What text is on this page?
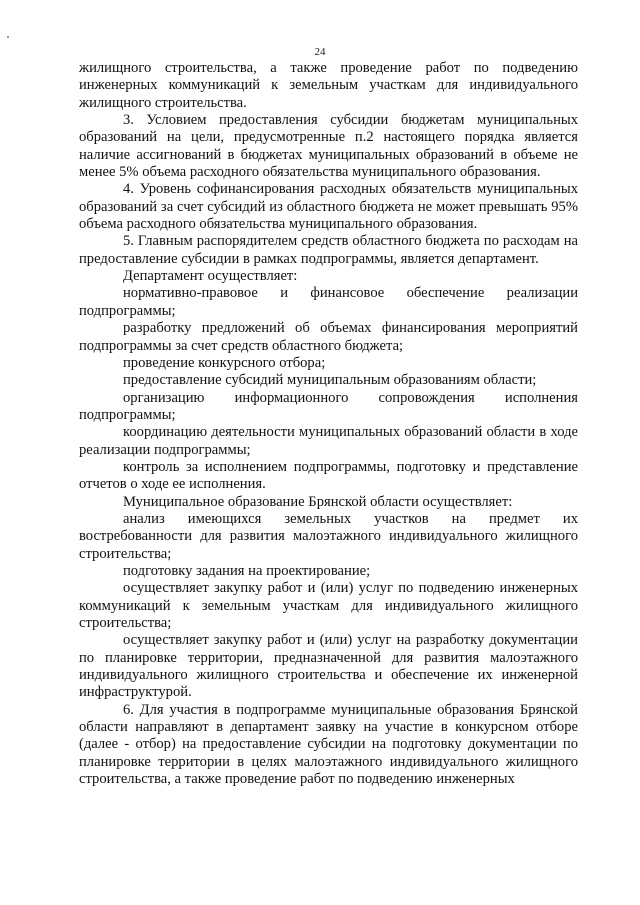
24

жилищного строительства, а также проведение работ по подведению инженерных коммуникаций к земельным участкам для индивидуального жилищного строительства.

3. Условием предоставления субсидии бюджетам муниципальных образований на цели, предусмотренные п.2 настоящего порядка является наличие ассигнований в бюджетах муниципальных образований в объеме не менее 5% объема расходного обязательства муниципального образования.

4. Уровень софинансирования расходных обязательств муниципальных образований за счет субсидий из областного бюджета не может превышать 95% объема расходного обязательства муниципального образования.

5. Главным распорядителем средств областного бюджета по расходам на предоставление субсидии в рамках подпрограммы, является департамент.

Департамент осуществляет:

нормативно-правовое и финансовое обеспечение реализации подпрограммы;

разработку предложений об объемах финансирования мероприятий подпрограммы за счет средств областного бюджета;

проведение конкурсного отбора;

предоставление субсидий муниципальным образованиям области;

организацию информационного сопровождения исполнения подпрограммы;

координацию деятельности муниципальных образований области в ходе реализации подпрограммы;

контроль за исполнением подпрограммы, подготовку и представление отчетов о ходе ее исполнения.

Муниципальное образование Брянской области осуществляет:

анализ имеющихся земельных участков на предмет их востребованности для развития малоэтажного индивидуального жилищного строительства;

подготовку задания на проектирование;

осуществляет закупку работ и (или) услуг по подведению инженерных коммуникаций к земельным участкам для индивидуального жилищного строительства;

осуществляет закупку работ и (или) услуг на разработку документации по планировке территории, предназначенной для развития малоэтажного индивидуального жилищного строительства и обеспечение их инженерной инфраструктурой.

6. Для участия в подпрограмме муниципальные образования Брянской области направляют в департамент заявку на участие в конкурсном отборе (далее - отбор) на предоставление субсидии на подготовку документации по планировке территории в целях малоэтажного индивидуального жилищного строительства, а также проведение работ по подведению инженерных
